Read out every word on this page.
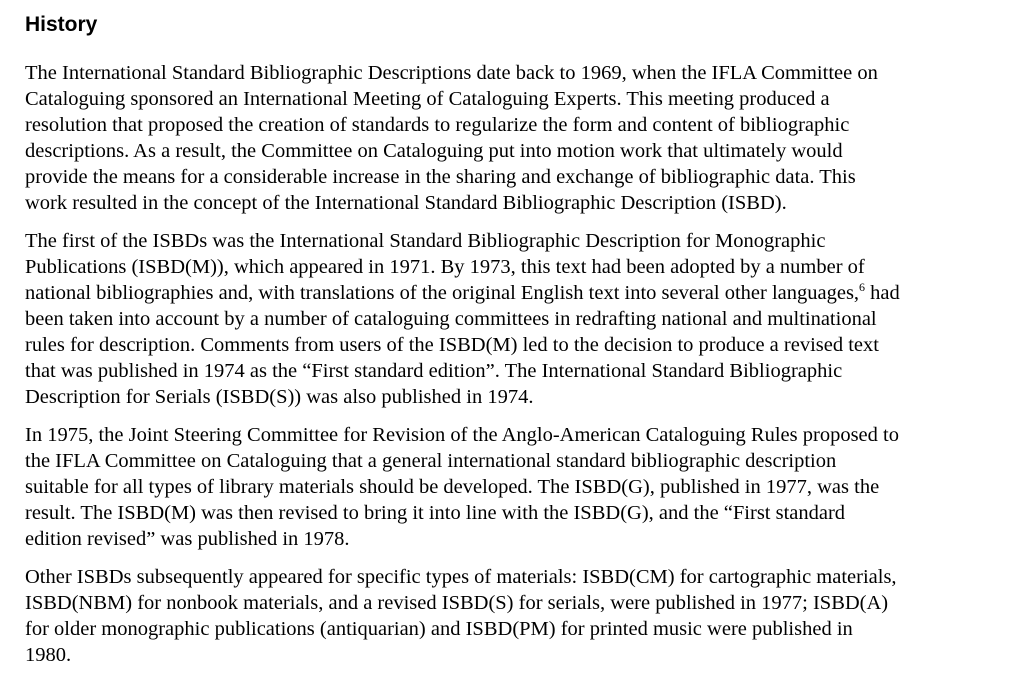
History

The International Standard Bibliographic Descriptions date back to 1969, when the IFLA Committee on
Cataloguing sponsored an International Meeting of Cataloguing Experts. This meeting produced a
resolution that proposed the creation of standards to regularize the form and content of bibliographic
descriptions. As a result, the Committee on Cataloguing put into motion work that ultimately would
provide the means for a considerable increase in the sharing and exchange of bibliographic data. This
work resulted in the concept of the International Standard Bibliographic Description (ISBD).

The first of the ISBDs was the International Standard Bibliographic Description for Monographic
Publications (ISBD(M)), which appeared in 1971. By 1973, this text had been adopted by a number of
national bibliographies and, with translations of the original English text into several other languages,$^6$ had
been taken into account by a number of cataloguing committees in redrafting national and multinational
rules for description. Comments from users of the ISBD(M) led to the decision to produce a revised text
that was published in 1974 as the “First standard edition”. The International Standard Bibliographic
Description for Serials (ISBD(S)) was also published in 1974.

In 1975, the Joint Steering Committee for Revision of the Anglo-American Cataloguing Rules proposed to
the IFLA Committee on Cataloguing that a general international standard bibliographic description
suitable for all types of library materials should be developed. The ISBD(G), published in 1977, was the
result. The ISBD(M) was then revised to bring it into line with the ISBD(G), and the “First standard
edition revised” was published in 1978.

Other ISBDs subsequently appeared for specific types of materials: ISBD(CM) for cartographic materials,
ISBD(NBM) for nonbook materials, and a revised ISBD(S) for serials, were published in 1977; ISBD(A)
for older monographic publications (antiquarian) and ISBD(PM) for printed music were published in
1980.
